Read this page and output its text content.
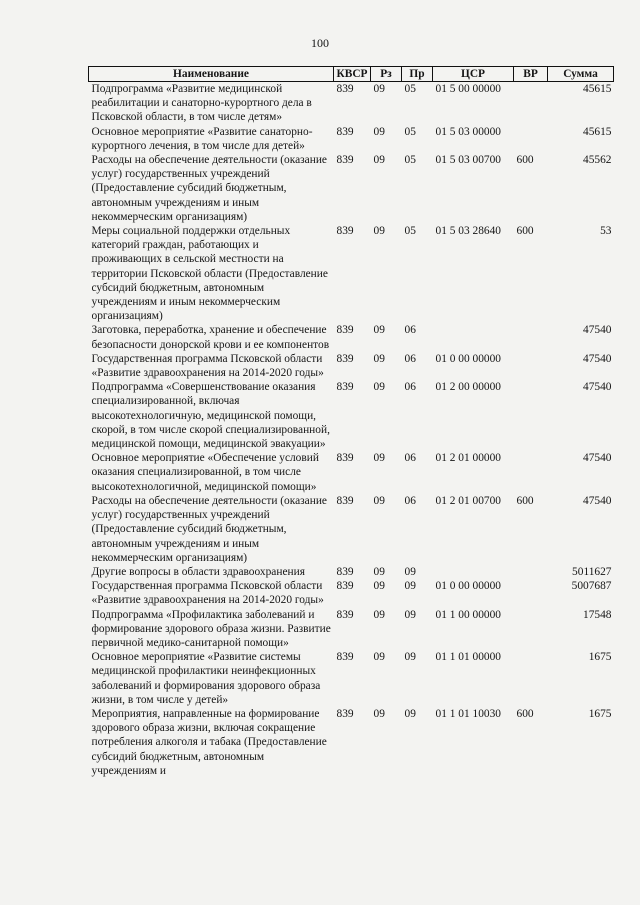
100
Наименование	КВСР	Рз	Пр	ЦСР	ВР	Сумма
Подпрограмма «Развитие медицинской реабилитации и санаторно-курортного дела в Псковской области, в том числе детям»	839	09	05	01 5 00 00000		45615
Основное мероприятие «Развитие санаторно-курортного лечения, в том числе для детей»	839	09	05	01 5 03 00000		45615
Расходы на обеспечение деятельности (оказание услуг) государственных учреждений (Предоставление субсидий бюджетным, автономным учреждениям и иным некоммерческим организациям)	839	09	05	01 5 03 00700	600	45562
Меры социальной поддержки отдельных категорий граждан, работающих и проживающих в сельской местности на территории Псковской области (Предоставление субсидий бюджетным, автономным учреждениям и иным некоммерческим организациям)	839	09	05	01 5 03 28640	600	53
Заготовка, переработка, хранение и обеспечение безопасности донорской крови и ее компонентов	839	09	06			47540
Государственная программа Псковской области «Развитие здравоохранения на 2014-2020 годы»	839	09	06	01 0 00 00000		47540
Подпрограмма «Совершенствование оказания специализированной, включая высокотехнологичную, медицинской помощи, скорой, в том числе скорой специализированной, медицинской помощи, медицинской эвакуации»	839	09	06	01 2 00 00000		47540
Основное мероприятие «Обеспечение условий оказания специализированной, в том числе высокотехнологичной, медицинской помощи»	839	09	06	01 2 01 00000		47540
Расходы на обеспечение деятельности (оказание услуг) государственных учреждений (Предоставление субсидий бюджетным, автономным учреждениям и иным некоммерческим организациям)	839	09	06	01 2 01 00700	600	47540
Другие вопросы в области здравоохранения	839	09	09			5011627
Государственная программа Псковской области «Развитие здравоохранения на 2014-2020 годы»	839	09	09	01 0 00 00000		5007687
Подпрограмма «Профилактика заболеваний и формирование здорового образа жизни. Развитие первичной медико-санитарной помощи»	839	09	09	01 1 00 00000		17548
Основное мероприятие «Развитие системы медицинской профилактики неинфекционных заболеваний и формирования здорового образа жизни, в том числе у детей»	839	09	09	01 1 01 00000		1675
Мероприятия, направленные на формирование здорового образа жизни, включая сокращение потребления алкоголя и табака (Предоставление субсидий бюджетным, автономным учреждениям и	839	09	09	01 1 01 10030	600	1675
